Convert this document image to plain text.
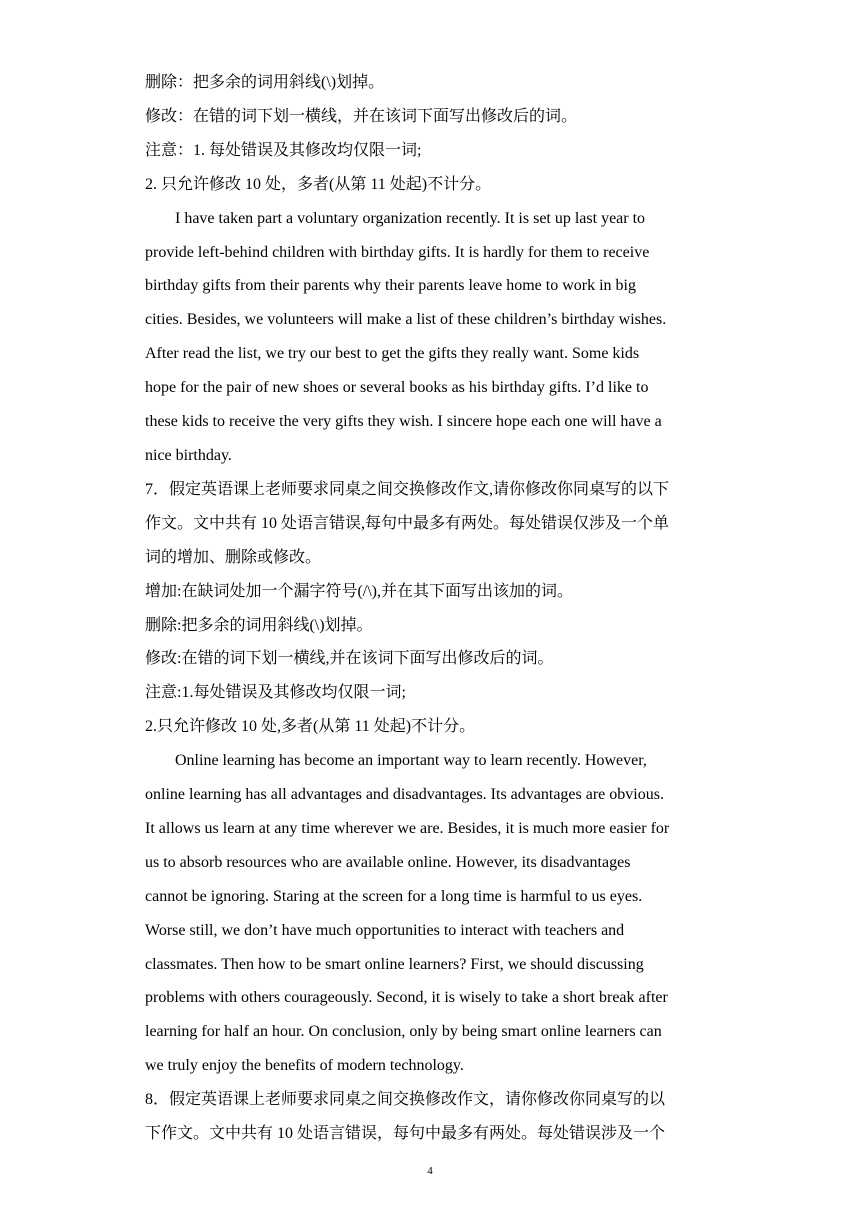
删除：把多余的词用斜线(\)划掉。

修改：在错的词下划一横线，并在该词下面写出修改后的词。

注意：1. 每处错误及其修改均仅限一词;

2. 只允许修改 10 处，多者(从第 11 处起)不计分。

I have taken part a voluntary organization recently. It is set up last year to

provide left-behind children with birthday gifts. It is hardly for them to receive

birthday gifts from their parents why their parents leave home to work in big

cities. Besides, we volunteers will make a list of these children’s birthday wishes.

After read the list, we try our best to get the gifts they really want. Some kids

hope for the pair of new shoes or several books as his birthday gifts. I’d like to

these kids to receive the very gifts they wish. I sincere hope each one will have a

nice birthday.

7．假定英语课上老师要求同桌之间交换修改作文,请你修改你同桌写的以下

作文。文中共有 10 处语言错误,每句中最多有两处。每处错误仅涉及一个单

词的增加、删除或修改。

增加:在缺词处加一个漏字符号(/\),并在其下面写出该加的词。

删除:把多余的词用斜线(\)划掉。

修改:在错的词下划一横线,并在该词下面写出修改后的词。

注意:1.每处错误及其修改均仅限一词;

2.只允许修改 10 处,多者(从第 11 处起)不计分。

Online learning has become an important way to learn recently. However,

online learning has all advantages and disadvantages. Its advantages are obvious.

It allows us learn at any time wherever we are. Besides, it is much more easier for

us to absorb resources who are available online. However, its disadvantages

cannot be ignoring. Staring at the screen for a long time is harmful to us eyes.

Worse still, we don’t have much opportunities to interact with teachers and

classmates. Then how to be smart online learners? First, we should discussing

problems with others courageously. Second, it is wisely to take a short break after

learning for half an hour. On conclusion, only by being smart online learners can

we truly enjoy the benefits of modern technology.

8．假定英语课上老师要求同桌之间交换修改作文，请你修改你同桌写的以

下作文。文中共有 10 处语言错误，每句中最多有两处。每处错误涉及一个

4
